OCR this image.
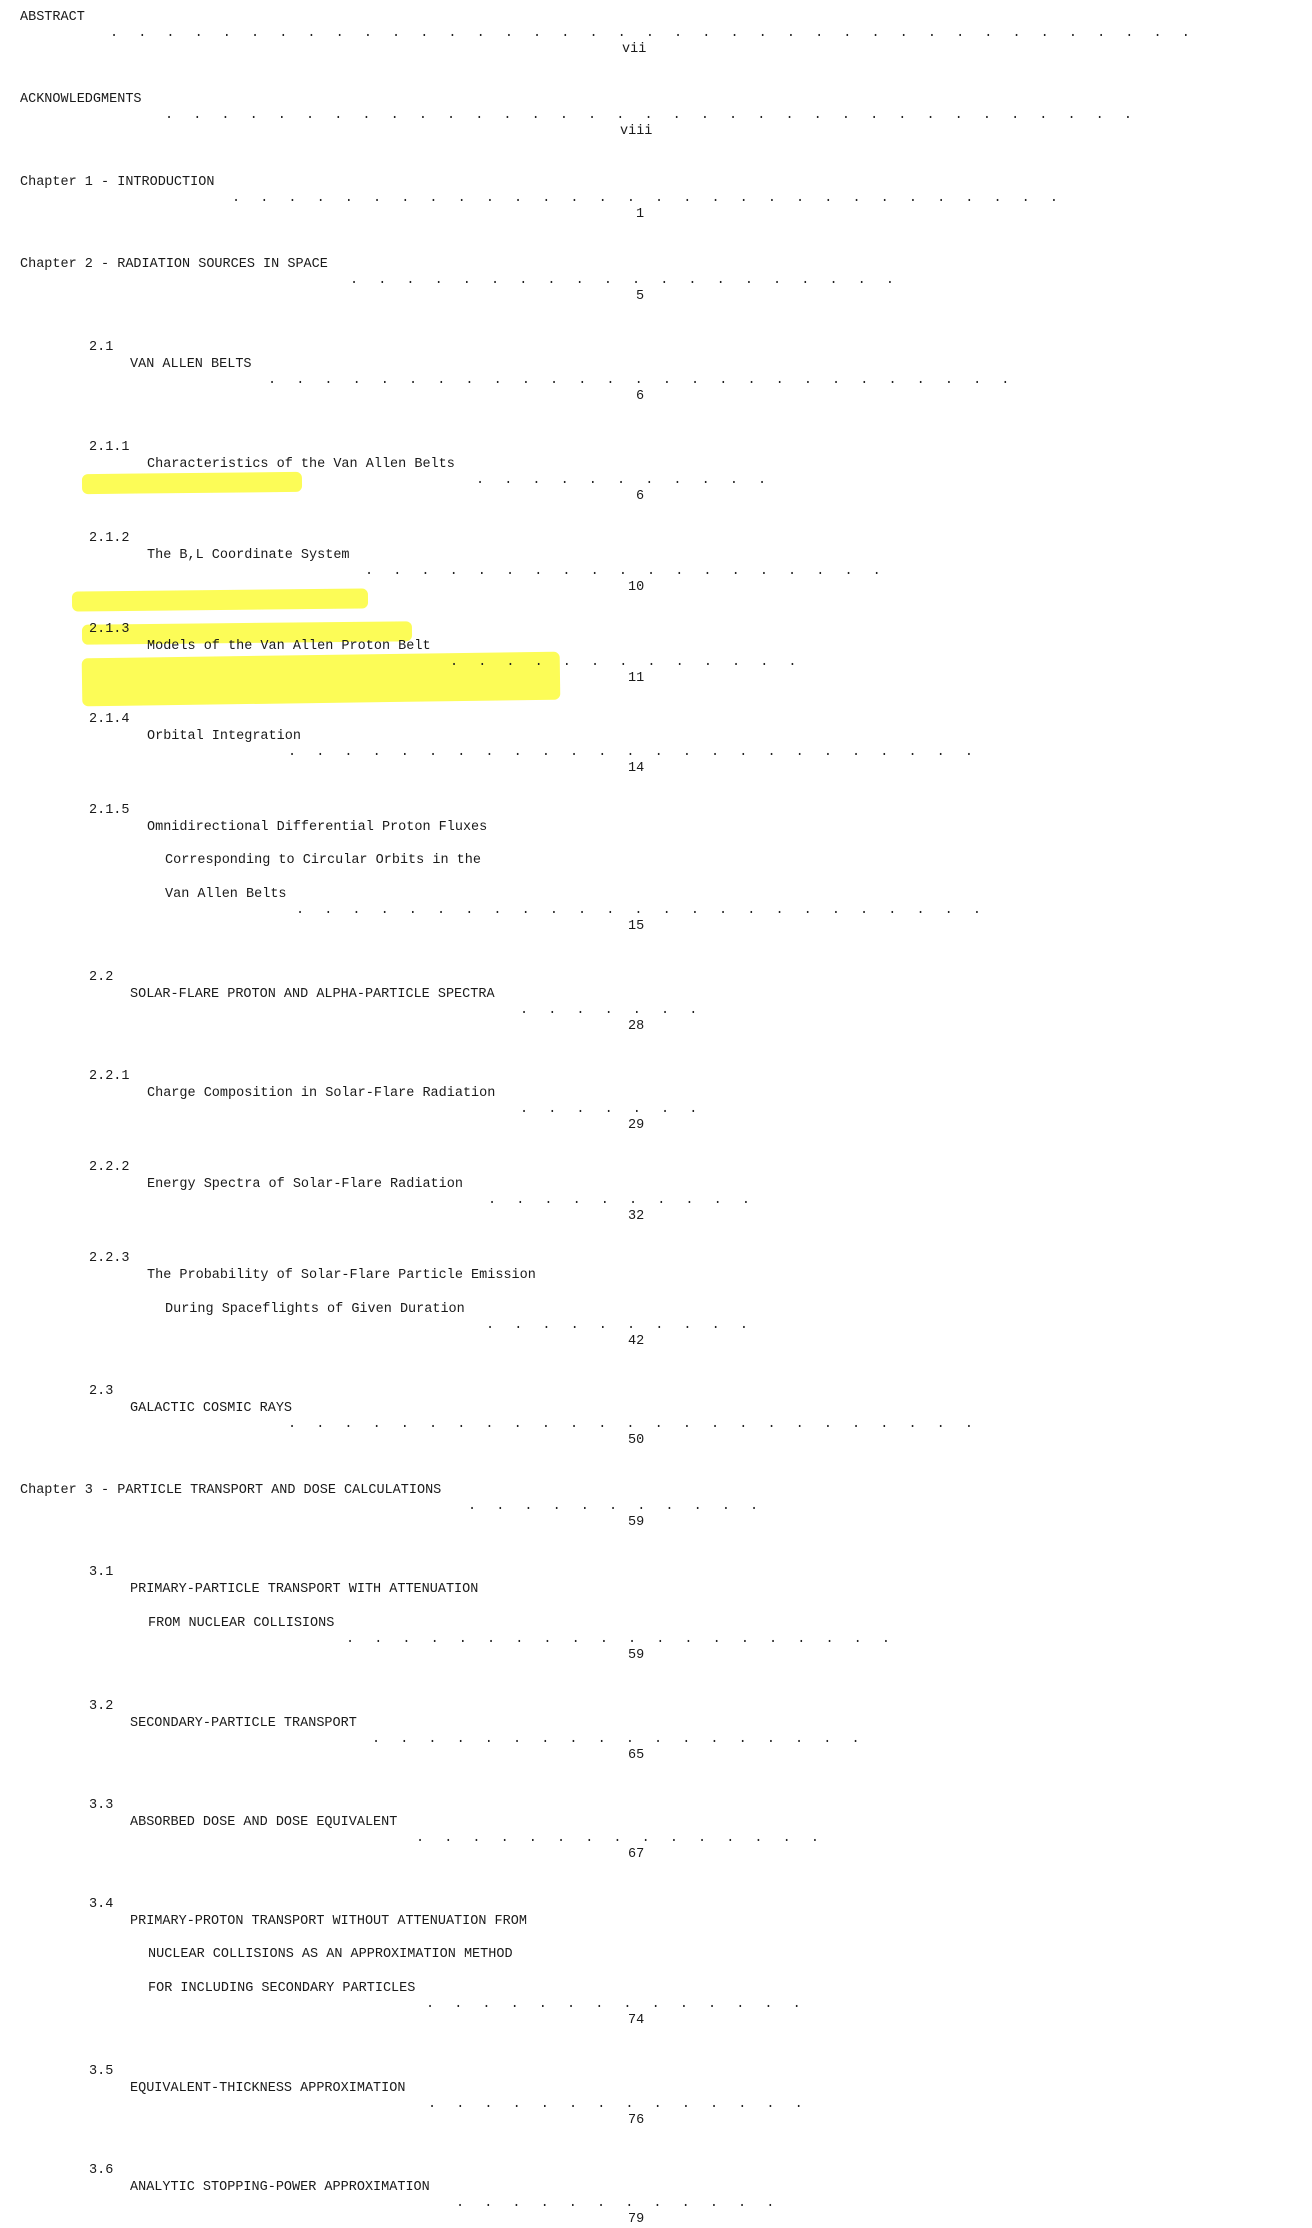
ABSTRACT
. . . . . . . . . . . . . . . . . . . . . . . . . . . . . . . . . . . . . . .
vii
ACKNOWLEDGMENTS
. . . . . . . . . . . . . . . . . . . . . . . . . . . . . . . . . . .
viii
Chapter 1 - INTRODUCTION
. . . . . . . . . . . . . . . . . . . . . . . . . . . . . .
1
Chapter 2 - RADIATION SOURCES IN SPACE
. . . . . . . . . . . . . . . . . . . .
5
2.1
VAN ALLEN BELTS
. . . . . . . . . . . . . . . . . . . . . . . . . . .
6
2.1.1
Characteristics of the Van Allen Belts
. . . . . . . . . . .
6
2.1.2
The B,L Coordinate System
. . . . . . . . . . . . . . . . . . .
10
2.1.3
Models of the Van Allen Proton Belt
. . . . . . . . . . . . .
11
2.1.4
Orbital Integration
. . . . . . . . . . . . . . . . . . . . . . . . .
14
2.1.5
Omnidirectional Differential Proton Fluxes
Corresponding to Circular Orbits in the
Van Allen Belts
. . . . . . . . . . . . . . . . . . . . . . . . .
15
2.2
SOLAR-FLARE PROTON AND ALPHA-PARTICLE SPECTRA
. . . . . . .
28
2.2.1
Charge Composition in Solar-Flare Radiation
. . . . . . .
29
2.2.2
Energy Spectra of Solar-Flare Radiation
. . . . . . . . . .
32
2.2.3
The Probability of Solar-Flare Particle Emission
During Spaceflights of Given Duration
. . . . . . . . . .
42
2.3
GALACTIC COSMIC RAYS
. . . . . . . . . . . . . . . . . . . . . . . . .
50
Chapter 3 - PARTICLE TRANSPORT AND DOSE CALCULATIONS
. . . . . . . . . . .
59
3.1
PRIMARY-PARTICLE TRANSPORT WITH ATTENUATION
FROM NUCLEAR COLLISIONS
. . . . . . . . . . . . . . . . . . . .
59
3.2
SECONDARY-PARTICLE TRANSPORT
. . . . . . . . . . . . . . . . . .
65
3.3
ABSORBED DOSE AND DOSE EQUIVALENT
. . . . . . . . . . . . . . .
67
3.4
PRIMARY-PROTON TRANSPORT WITHOUT ATTENUATION FROM
NUCLEAR COLLISIONS AS AN APPROXIMATION METHOD
FOR INCLUDING SECONDARY PARTICLES
. . . . . . . . . . . . . .
74
3.5
EQUIVALENT-THICKNESS APPROXIMATION
. . . . . . . . . . . . . .
76
3.6
ANALYTIC STOPPING-POWER APPROXIMATION
. . . . . . . . . . . .
79
